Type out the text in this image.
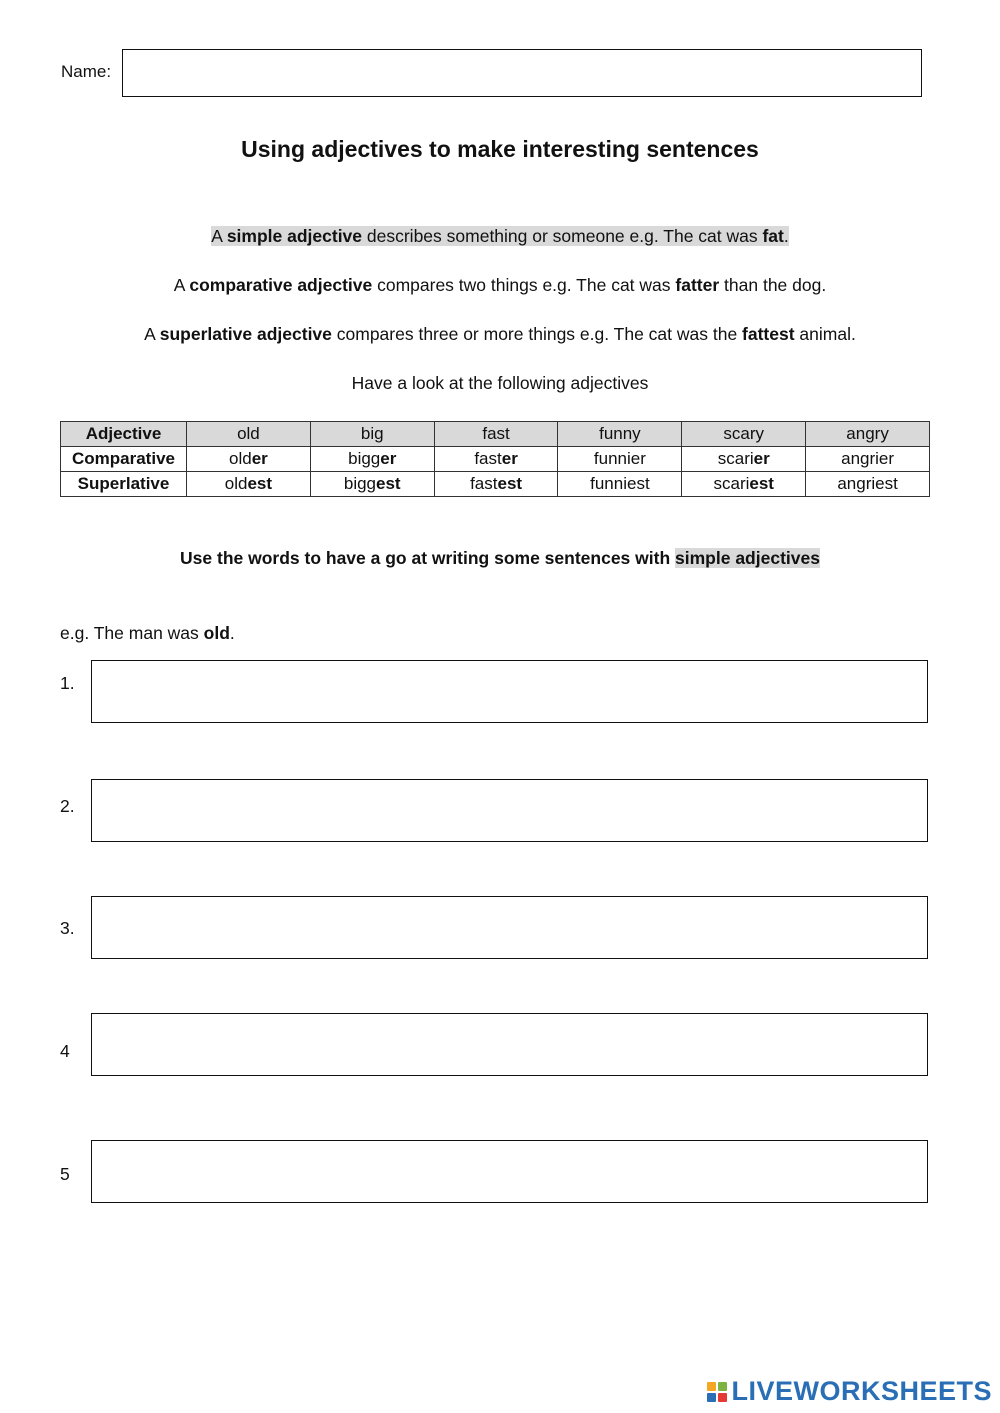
Name:
Using adjectives to make interesting sentences
A simple adjective describes something or someone e.g. The cat was fat.
A comparative adjective compares two things e.g. The cat was fatter than the dog.
A superlative adjective compares three or more things e.g. The cat was the fattest animal.
Have a look at the following adjectives
Adjective	old	big	fast	funny	scary	angry
Comparative	older	bigger	faster	funnier	scarier	angrier
Superlative	oldest	biggest	fastest	funniest	scariest	angriest
Use the words to have a go at writing some sentences with simple adjectives
e.g. The man was old.
1.
2.
3.
4
5
LIVEWORKSHEETS
